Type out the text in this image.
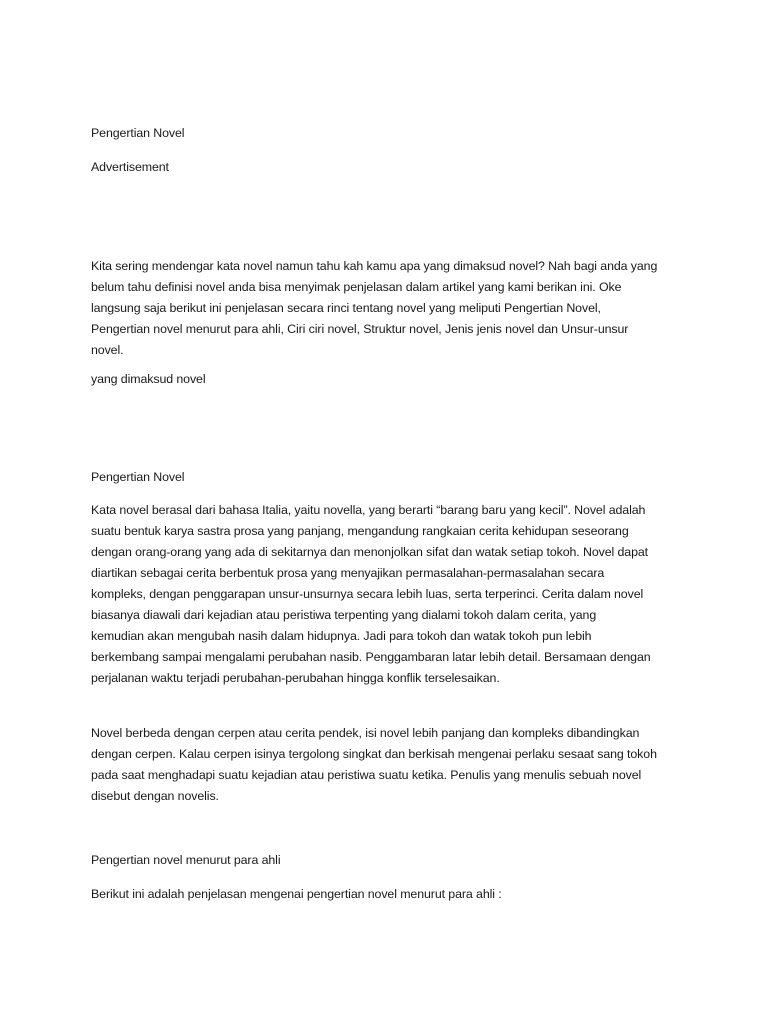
Pengertian Novel

Advertisement

Kita sering mendengar kata novel namun tahu kah kamu apa yang dimaksud novel? Nah bagi anda yang
belum tahu definisi novel anda bisa menyimak penjelasan dalam artikel yang kami berikan ini. Oke
langsung saja berikut ini penjelasan secara rinci tentang novel yang meliputi Pengertian Novel,
Pengertian novel menurut para ahli, Ciri ciri novel, Struktur novel, Jenis jenis novel dan Unsur-unsur
novel.

yang dimaksud novel

Pengertian Novel

Kata novel berasal dari bahasa Italia, yaitu novella, yang berarti “barang baru yang kecil”. Novel adalah
suatu bentuk karya sastra prosa yang panjang, mengandung rangkaian cerita kehidupan seseorang
dengan orang-orang yang ada di sekitarnya dan menonjolkan sifat dan watak setiap tokoh. Novel dapat
diartikan sebagai cerita berbentuk prosa yang menyajikan permasalahan-permasalahan secara
kompleks, dengan penggarapan unsur-unsurnya secara lebih luas, serta terperinci. Cerita dalam novel
biasanya diawali dari kejadian atau peristiwa terpenting yang dialami tokoh dalam cerita, yang
kemudian akan mengubah nasih dalam hidupnya. Jadi para tokoh dan watak tokoh pun lebih
berkembang sampai mengalami perubahan nasib. Penggambaran latar lebih detail. Bersamaan dengan
perjalanan waktu terjadi perubahan-perubahan hingga konflik terselesaikan.

Novel berbeda dengan cerpen atau cerita pendek, isi novel lebih panjang dan kompleks dibandingkan
dengan cerpen. Kalau cerpen isinya tergolong singkat dan berkisah mengenai perlaku sesaat sang tokoh
pada saat menghadapi suatu kejadian atau peristiwa suatu ketika. Penulis yang menulis sebuah novel
disebut dengan novelis.

Pengertian novel menurut para ahli

Berikut ini adalah penjelasan mengenai pengertian novel menurut para ahli :
